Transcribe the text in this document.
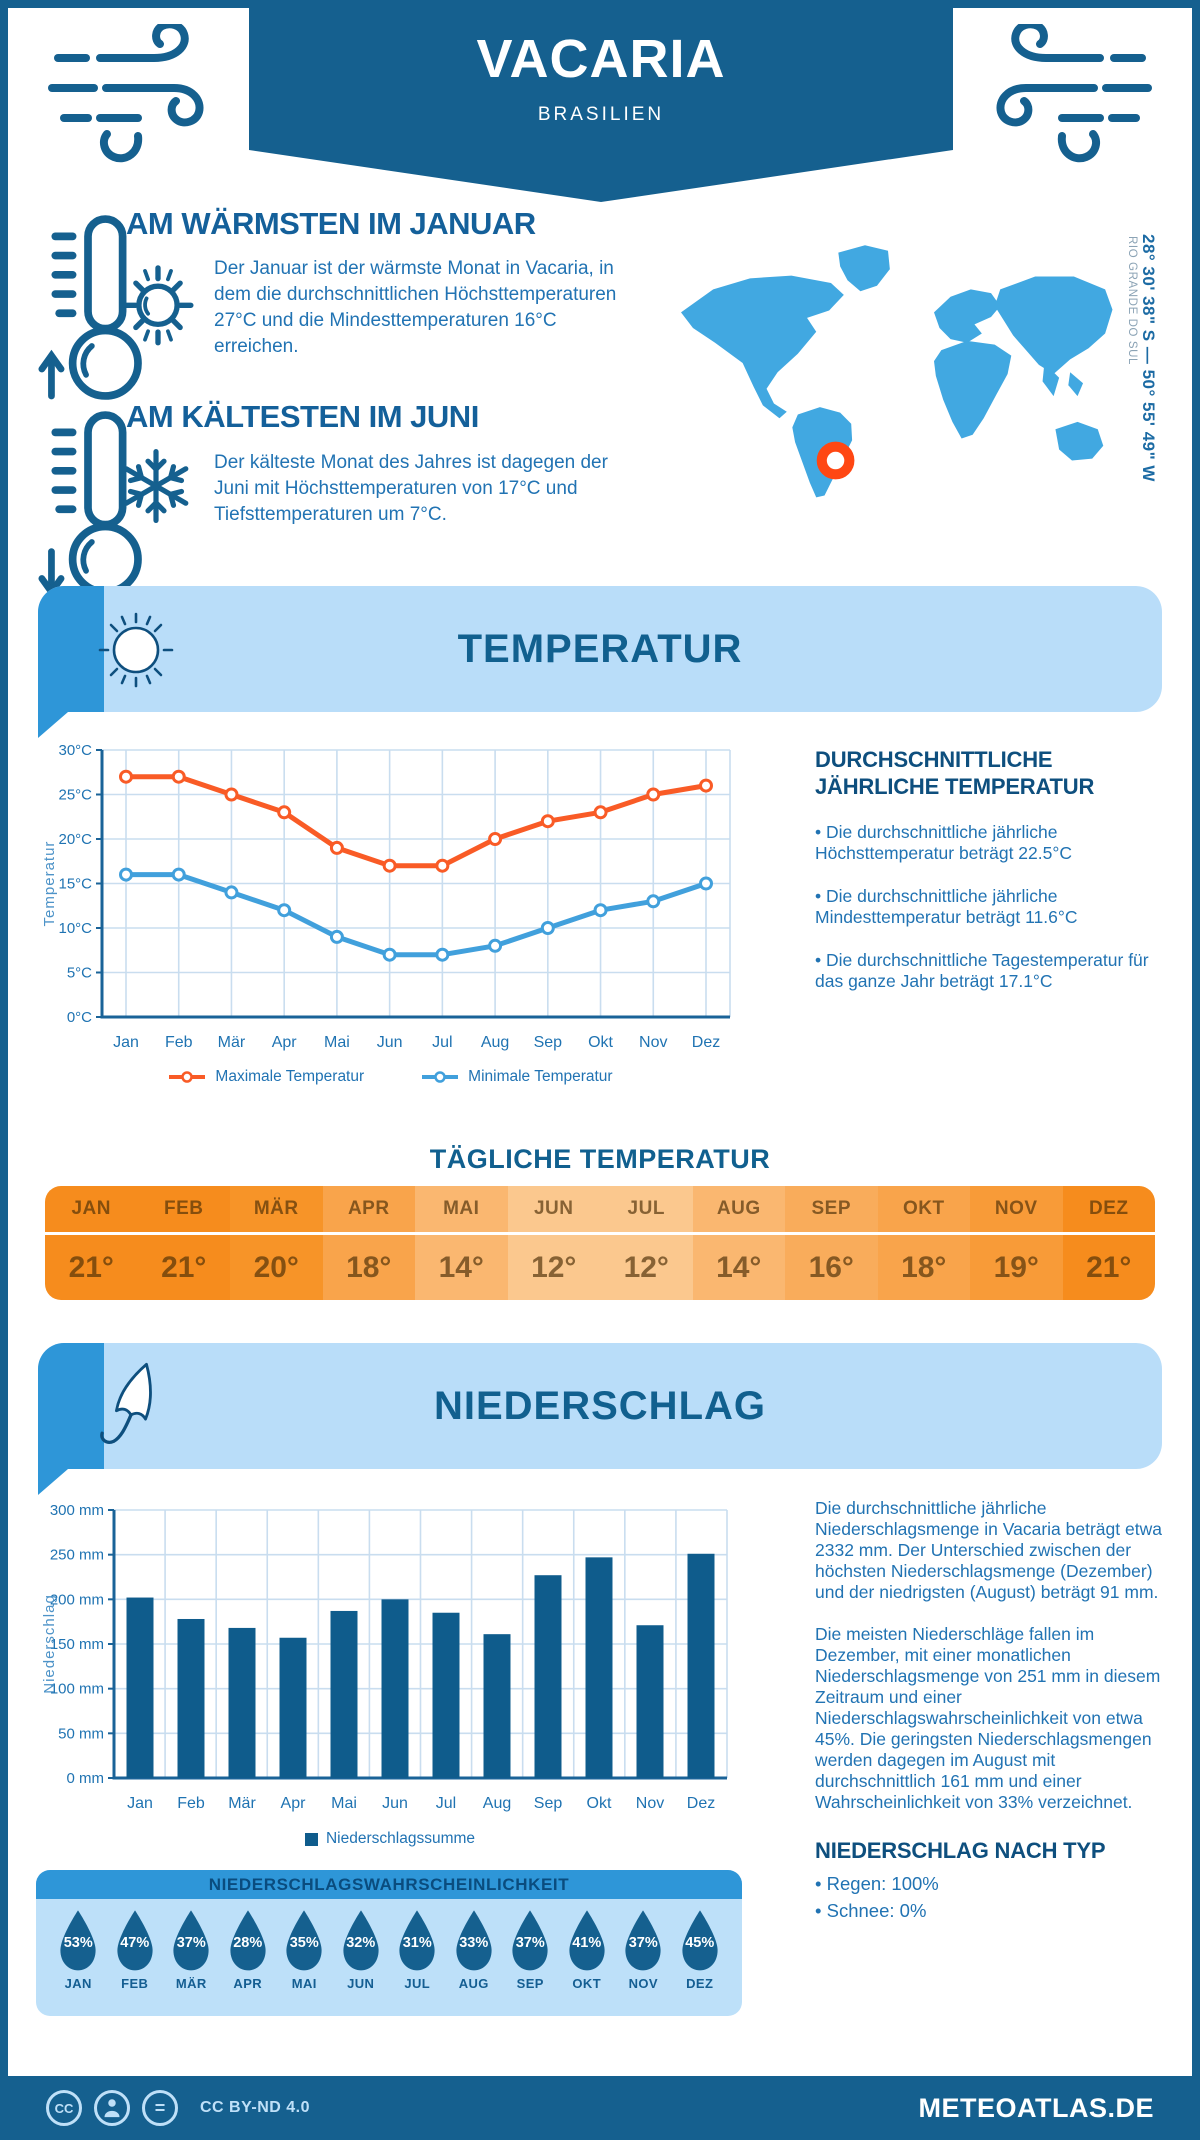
VACARIA
BRASILIEN
AM WÄRMSTEN IM JANUAR

Der Januar ist der wärmste Monat in Vacaria, in dem die durchschnittlichen Höchsttemperaturen 27°C und die Mindesttemperaturen 16°C erreichen.

AM KÄLTESTEN IM JUNI

Der kälteste Monat des Jahres ist dagegen der Juni mit Höchsttemperaturen von 17°C und Tiefsttemperaturen um 7°C.

28° 30' 38" S — 50° 55' 49" W
RIO GRANDE DO SUL
TEMPERATUR
0°C
5°C
10°C
15°C
20°C
25°C
30°C
Jan Feb Mär Apr Mai Jun Jul Aug Sep Okt Nov Dez
Temperatur
Maximale Temperatur	Minimale Temperatur
DURCHSCHNITTLICHE JÄHRLICHE TEMPERATUR

• Die durchschnittliche jährliche Höchsttemperatur beträgt 22.5°C

• Die durchschnittliche jährliche Mindesttemperatur beträgt 11.6°C

• Die durchschnittliche Tagestemperatur für das ganze Jahr beträgt 17.1°C

TÄGLICHE TEMPERATUR
JAN
21°
FEB
21°
MÄR
20°
APR
18°
MAI
14°
JUN
12°
JUL
12°
AUG
14°
SEP
16°
OKT
18°
NOV
19°
DEZ
21°
NIEDERSCHLAG
0 mm
50 mm
100 mm
150 mm
200 mm
250 mm
300 mm
Jan Feb Mär Apr Mai Jun Jul Aug Sep Okt Nov Dez
Niederschlag
Niederschlagssumme

Die durchschnittliche jährliche Niederschlagsmenge in Vacaria beträgt etwa 2332 mm. Der Unterschied zwischen der höchsten Niederschlagsmenge (Dezember) und der niedrigsten (August) beträgt 91 mm.

Die meisten Niederschläge fallen im Dezember, mit einer monatlichen Niederschlagsmenge von 251 mm in diesem Zeitraum und einer Niederschlagswahrscheinlichkeit von etwa 45%. Die geringsten Niederschlagsmengen werden dagegen im August mit durchschnittlich 161 mm und einer Wahrscheinlichkeit von 33% verzeichnet.

NIEDERSCHLAG NACH TYP

• Regen: 100%

• Schnee: 0%

NIEDERSCHLAGSWAHRSCHEINLICHKEIT
53%
JAN
47%
FEB
37%
MÄR
28%
APR
35%
MAI
32%
JUN
31%
JUL
33%
AUG
37%
SEP
41%
OKT
37%
NOV
45%
DEZ
CC	=	CC BY-ND 4.0	METEOATLAS.DE
